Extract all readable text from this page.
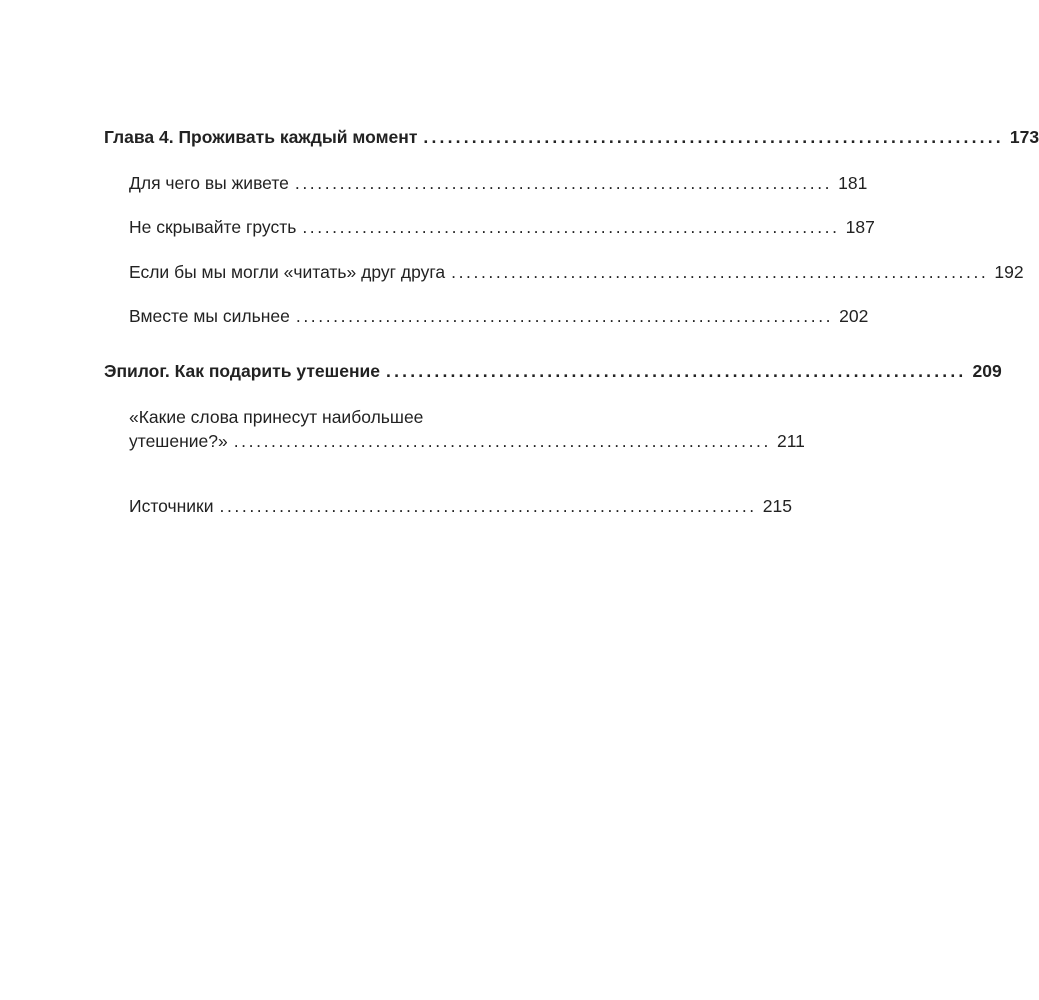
Глава 4. Проживать каждый момент ........................................................................ 173
Для чего вы живете ........................................................................ 181
Не скрывайте грусть ........................................................................ 187
Если бы мы могли «читать» друг друга ........................................................................ 192
Вместе мы сильнее ........................................................................ 202
Эпилог. Как подарить утешение ........................................................................ 209
«Какие слова принесут наибольшее
утешение?» ........................................................................ 211
Источники ........................................................................ 215
